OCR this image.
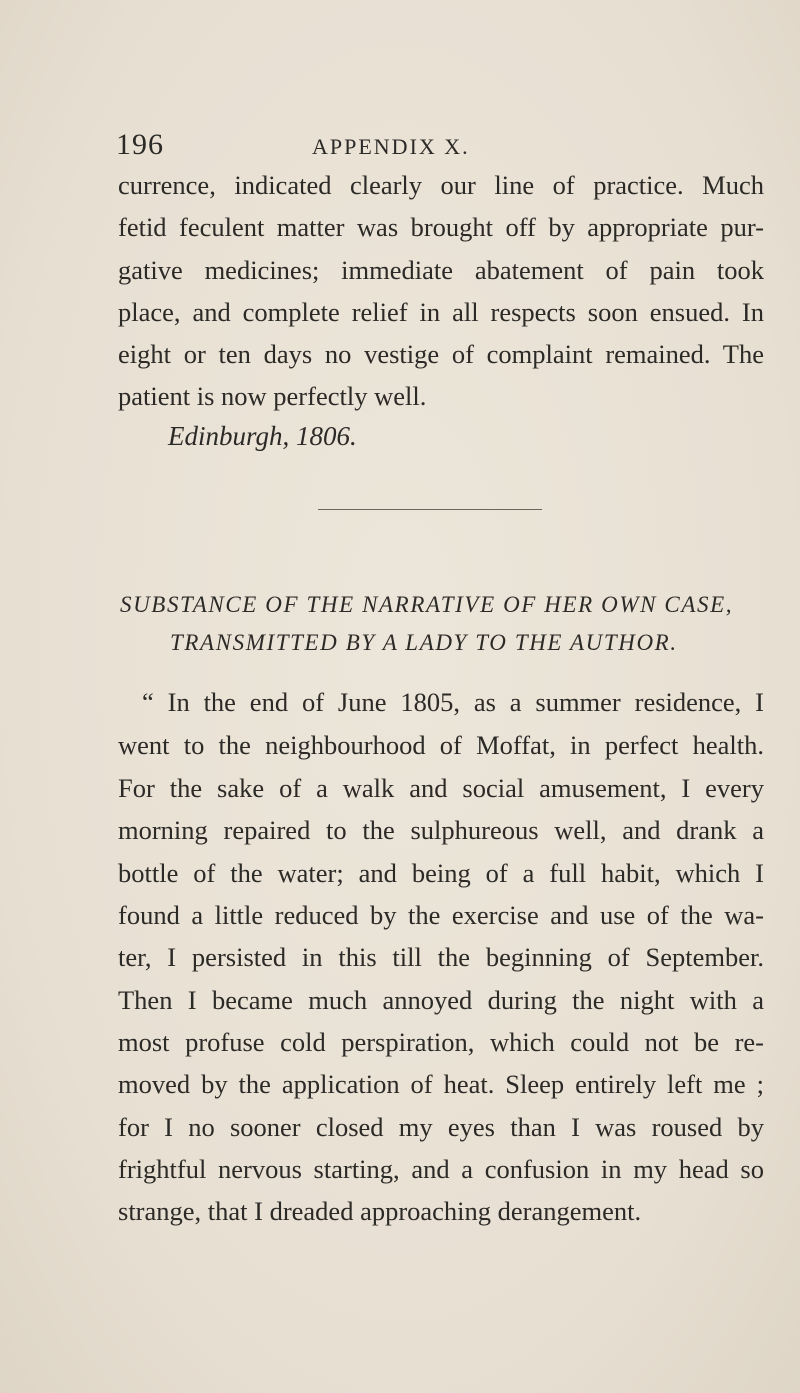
196	APPENDIX X.
currence, indicated clearly our line of practice. Much
fetid feculent matter was brought off by appropriate pur-
gative medicines; immediate abatement of pain took
place, and complete relief in all respects soon ensued. In
eight or ten days no vestige of complaint remained. The
patient is now perfectly well.
Edinburgh, 1806.
SUBSTANCE OF THE NARRATIVE OF HER OWN CASE,
TRANSMITTED BY A LADY TO THE AUTHOR.
“ In the end of June 1805, as a summer residence, I
went to the neighbourhood of Moffat, in perfect health.
For the sake of a walk and social amusement, I every
morning repaired to the sulphureous well, and drank a
bottle of the water; and being of a full habit, which I
found a little reduced by the exercise and use of the wa-
ter, I persisted in this till the beginning of September.
Then I became much annoyed during the night with a
most profuse cold perspiration, which could not be re-
moved by the application of heat. Sleep entirely left me ;
for I no sooner closed my eyes than I was roused by
frightful nervous starting, and a confusion in my head so
strange, that I dreaded approaching derangement.
